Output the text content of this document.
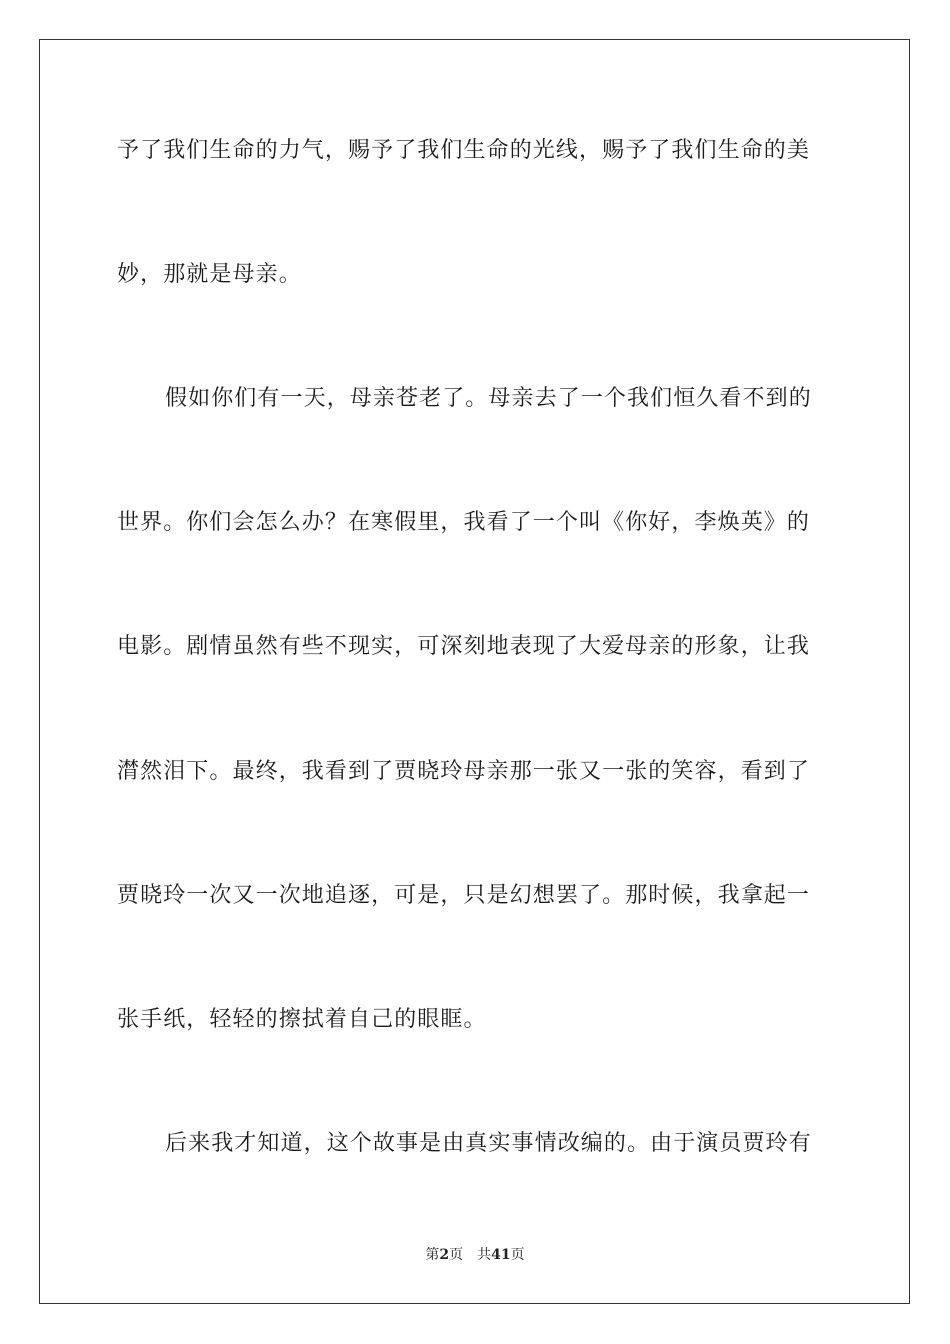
予了我们生命的力气，赐予了我们生命的光线，赐予了我们生命的美
妙，那就是母亲。
假如你们有一天，母亲苍老了。母亲去了一个我们恒久看不到的
世界。你们会怎么办？在寒假里，我看了一个叫《你好，李焕英》的
电影。剧情虽然有些不现实，可深刻地表现了大爱母亲的形象，让我
潸然泪下。最终，我看到了贾晓玲母亲那一张又一张的笑容，看到了
贾晓玲一次又一次地追逐，可是，只是幻想罢了。那时候，我拿起一
张手纸，轻轻的擦拭着自己的眼眶。
后来我才知道，这个故事是由真实事情改编的。由于演员贾玲有
第2页 共41页
